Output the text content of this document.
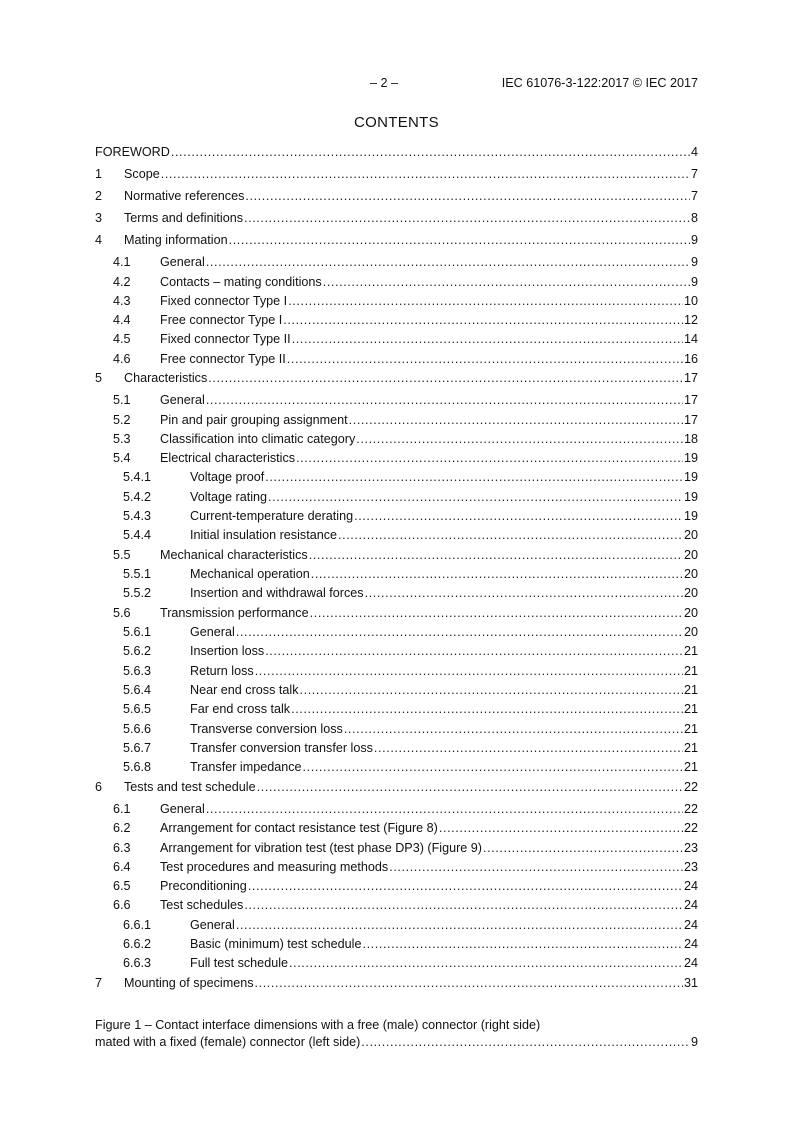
– 2 –	IEC 61076-3-122:2017 © IEC 2017
CONTENTS
FOREWORD .....	4
1	Scope .....	7
2	Normative references .....	7
3	Terms and definitions .....	8
4	Mating information .....	9
4.1	General .....	9
4.2	Contacts – mating conditions .....	9
4.3	Fixed connector Type I .....	10
4.4	Free connector Type I .....	12
4.5	Fixed connector Type II .....	14
4.6	Free connector Type II .....	16
5	Characteristics .....	17
5.1	General .....	17
5.2	Pin and pair grouping assignment .....	17
5.3	Classification into climatic category .....	18
5.4	Electrical characteristics .....	19
5.4.1	Voltage proof .....	19
5.4.2	Voltage rating .....	19
5.4.3	Current-temperature derating .....	19
5.4.4	Initial insulation resistance .....	20
5.5	Mechanical characteristics .....	20
5.5.1	Mechanical operation .....	20
5.5.2	Insertion and withdrawal forces .....	20
5.6	Transmission performance .....	20
5.6.1	General .....	20
5.6.2	Insertion loss .....	21
5.6.3	Return loss .....	21
5.6.4	Near end cross talk .....	21
5.6.5	Far end cross talk .....	21
5.6.6	Transverse conversion loss .....	21
5.6.7	Transfer conversion transfer loss .....	21
5.6.8	Transfer impedance .....	21
6	Tests and test schedule .....	22
6.1	General .....	22
6.2	Arrangement for contact resistance test (Figure 8) .....	22
6.3	Arrangement for vibration test (test phase DP3) (Figure 9) .....	23
6.4	Test procedures and measuring methods .....	23
6.5	Preconditioning .....	24
6.6	Test schedules .....	24
6.6.1	General .....	24
6.6.2	Basic (minimum) test schedule .....	24
6.6.3	Full test schedule .....	24
7	Mounting of specimens .....	31
Figure 1 – Contact interface dimensions with a free (male) connector (right side)
mated with a fixed (female) connector (left side) .....	9
